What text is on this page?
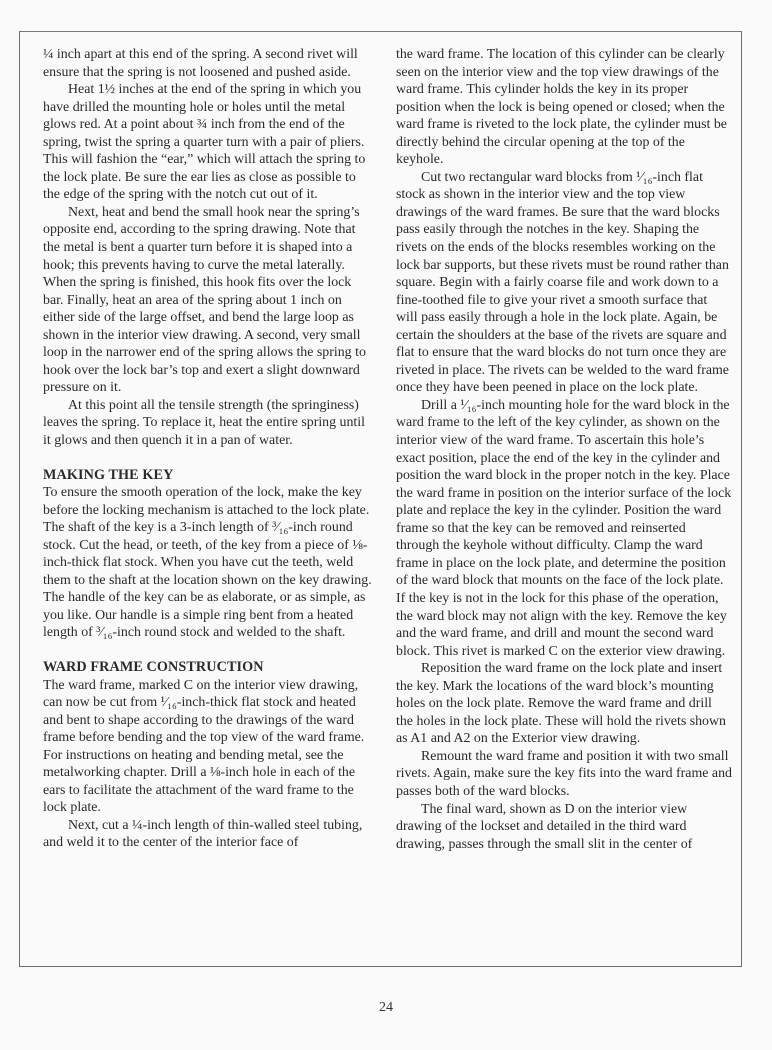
¼ inch apart at this end of the spring. A second rivet will ensure that the spring is not loosened and pushed aside.

Heat 1½ inches at the end of the spring in which you have drilled the mounting hole or holes until the metal glows red. At a point about ¾ inch from the end of the spring, twist the spring a quarter turn with a pair of pliers. This will fashion the “ear,” which will attach the spring to the lock plate. Be sure the ear lies as close as possible to the edge of the spring with the notch cut out of it.

Next, heat and bend the small hook near the spring’s opposite end, according to the spring drawing. Note that the metal is bent a quarter turn before it is shaped into a hook; this prevents having to curve the metal laterally. When the spring is finished, this hook fits over the lock bar. Finally, heat an area of the spring about 1 inch on either side of the large offset, and bend the large loop as shown in the interior view drawing. A second, very small loop in the narrower end of the spring allows the spring to hook over the lock bar’s top and exert a slight downward pressure on it.

At this point all the tensile strength (the springiness) leaves the spring. To replace it, heat the entire spring until it glows and then quench it in a pan of water.

MAKING THE KEY

To ensure the smooth operation of the lock, make the key before the locking mechanism is attached to the lock plate. The shaft of the key is a 3-inch length of ³⁄₁₆-inch round stock. Cut the head, or teeth, of the key from a piece of ⅛-inch-thick flat stock. When you have cut the teeth, weld them to the shaft at the location shown on the key drawing. The handle of the key can be as elaborate, or as simple, as you like. Our handle is a simple ring bent from a heated length of ³⁄₁₆-inch round stock and welded to the shaft.

WARD FRAME CONSTRUCTION

The ward frame, marked C on the interior view drawing, can now be cut from ¹⁄₁₆-inch-thick flat stock and heated and bent to shape according to the drawings of the ward frame before bending and the top view of the ward frame. For instructions on heating and bending metal, see the metalworking chapter. Drill a ⅛-inch hole in each of the ears to facilitate the attachment of the ward frame to the lock plate.

Next, cut a ¼-inch length of thin-walled steel tubing, and weld it to the center of the interior face of

the ward frame. The location of this cylinder can be clearly seen on the interior view and the top view drawings of the ward frame. This cylinder holds the key in its proper position when the lock is being opened or closed; when the ward frame is riveted to the lock plate, the cylinder must be directly behind the circular opening at the top of the keyhole.

Cut two rectangular ward blocks from ¹⁄₁₆-inch flat stock as shown in the interior view and the top view drawings of the ward frames. Be sure that the ward blocks pass easily through the notches in the key. Shaping the rivets on the ends of the blocks resembles working on the lock bar supports, but these rivets must be round rather than square. Begin with a fairly coarse file and work down to a fine-toothed file to give your rivet a smooth surface that will pass easily through a hole in the lock plate. Again, be certain the shoulders at the base of the rivets are square and flat to ensure that the ward blocks do not turn once they are riveted in place. The rivets can be welded to the ward frame once they have been peened in place on the lock plate.

Drill a ¹⁄₁₆-inch mounting hole for the ward block in the ward frame to the left of the key cylinder, as shown on the interior view of the ward frame. To ascertain this hole’s exact position, place the end of the key in the cylinder and position the ward block in the proper notch in the key. Place the ward frame in position on the interior surface of the lock plate and replace the key in the cylinder. Position the ward frame so that the key can be removed and reinserted through the keyhole without difficulty. Clamp the ward frame in place on the lock plate, and determine the position of the ward block that mounts on the face of the lock plate. If the key is not in the lock for this phase of the operation, the ward block may not align with the key. Remove the key and the ward frame, and drill and mount the second ward block. This rivet is marked C on the exterior view drawing.

Reposition the ward frame on the lock plate and insert the key. Mark the locations of the ward block’s mounting holes on the lock plate. Remove the ward frame and drill the holes in the lock plate. These will hold the rivets shown as A1 and A2 on the Exterior view drawing.

Remount the ward frame and position it with two small rivets. Again, make sure the key fits into the ward frame and passes both of the ward blocks.

The final ward, shown as D on the interior view drawing of the lockset and detailed in the third ward drawing, passes through the small slit in the center of

24
